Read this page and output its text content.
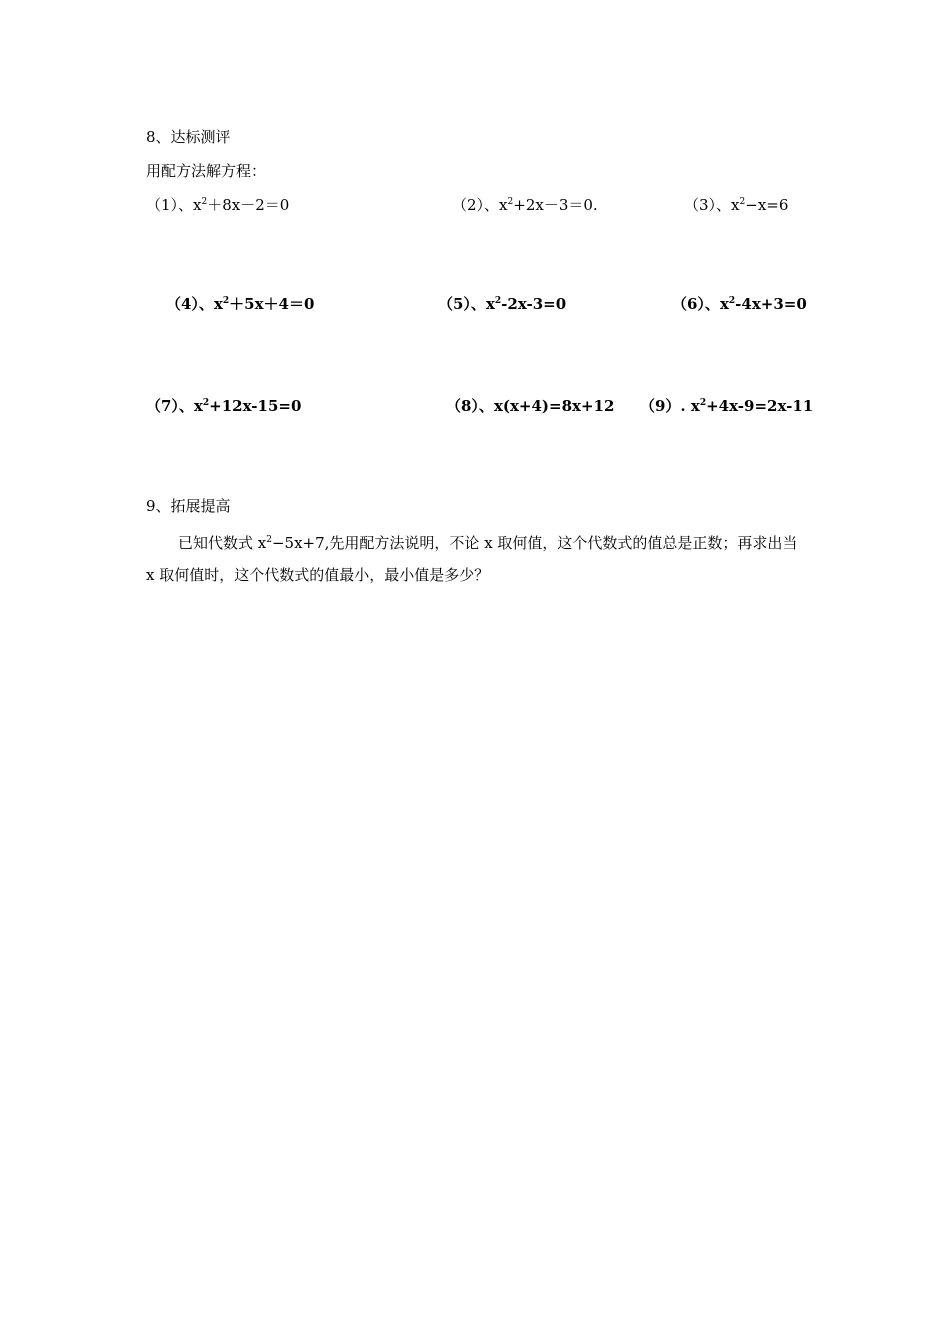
8、达标测评
用配方法解方程：
（1）、$x^2+8x-2=0$	（2）、$x^2+2x-3=0$.	（3）、$x^2-x=6$
（4）、$x^2+5x+4=0$	（5）、$x^2-2x-3=0$	（6）、$x^2-4x+3=0$
（7）、$x^2+12x-15=0$	（8）、x(x+4)=8x+12 （9）. $x^2+4x-9=2x-11$
9、拓展提高
已知代数式 $x^2-5x+7$,先用配方法说明，不论 x 取何值，这个代数式的值总是正数；再求出当 x 取何值时，这个代数式的值最小，最小值是多少？
